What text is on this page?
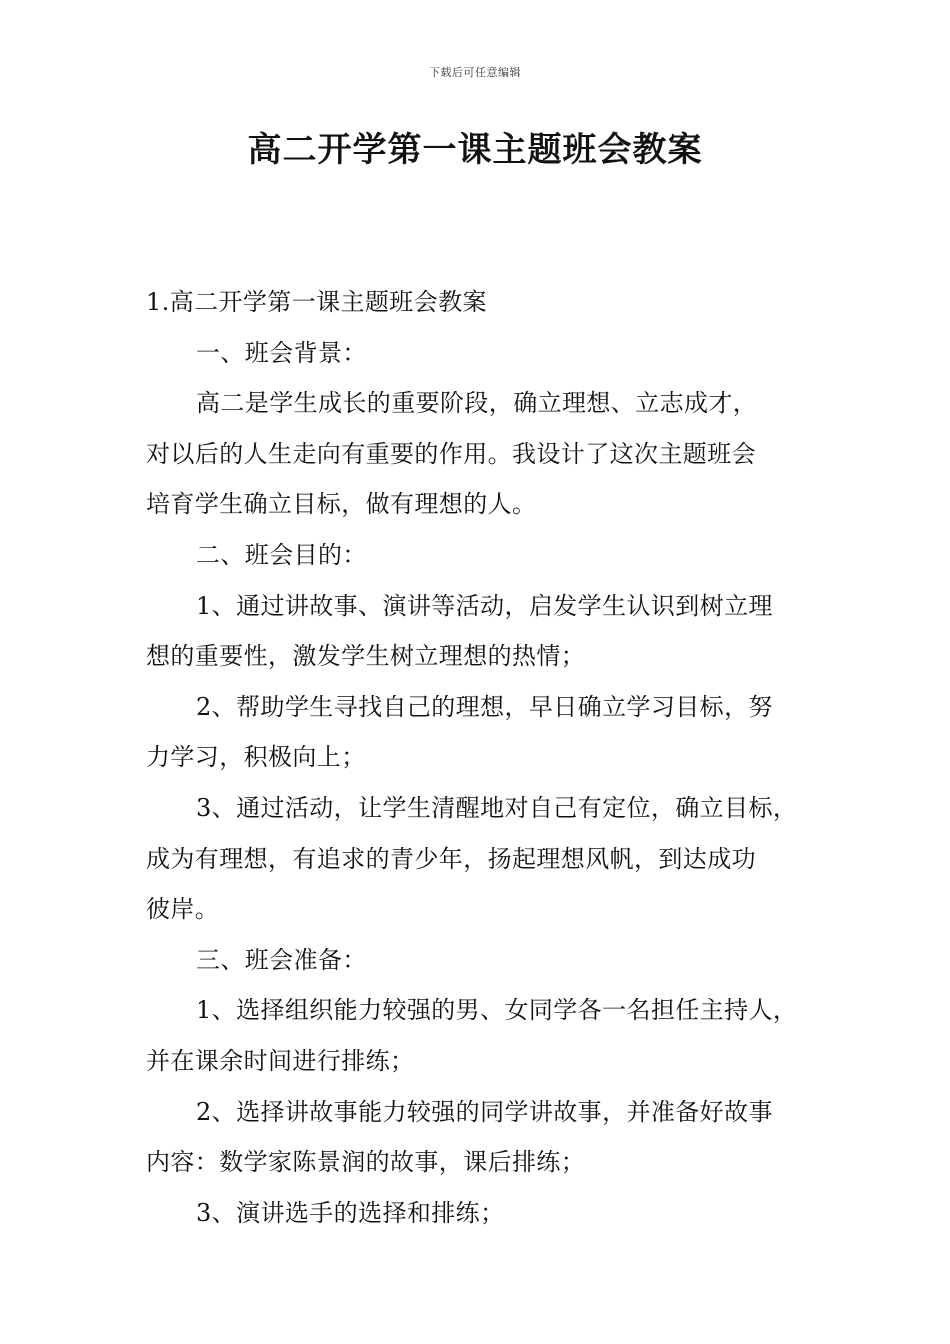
下载后可任意编辑
高二开学第一课主题班会教案
1.高二开学第一课主题班会教案
一、班会背景：
高二是学生成长的重要阶段，确立理想、立志成才，
对以后的人生走向有重要的作用。我设计了这次主题班会
培育学生确立目标，做有理想的人。
二、班会目的：
1、通过讲故事、演讲等活动，启发学生认识到树立理
想的重要性，激发学生树立理想的热情；
2、帮助学生寻找自己的理想，早日确立学习目标，努
力学习，积极向上；
3、通过活动，让学生清醒地对自己有定位，确立目标，
成为有理想，有追求的青少年，扬起理想风帆，到达成功
彼岸。
三、班会准备：
1、选择组织能力较强的男、女同学各一名担任主持人，
并在课余时间进行排练；
2、选择讲故事能力较强的同学讲故事，并准备好故事
内容：数学家陈景润的故事，课后排练；
3、演讲选手的选择和排练；
